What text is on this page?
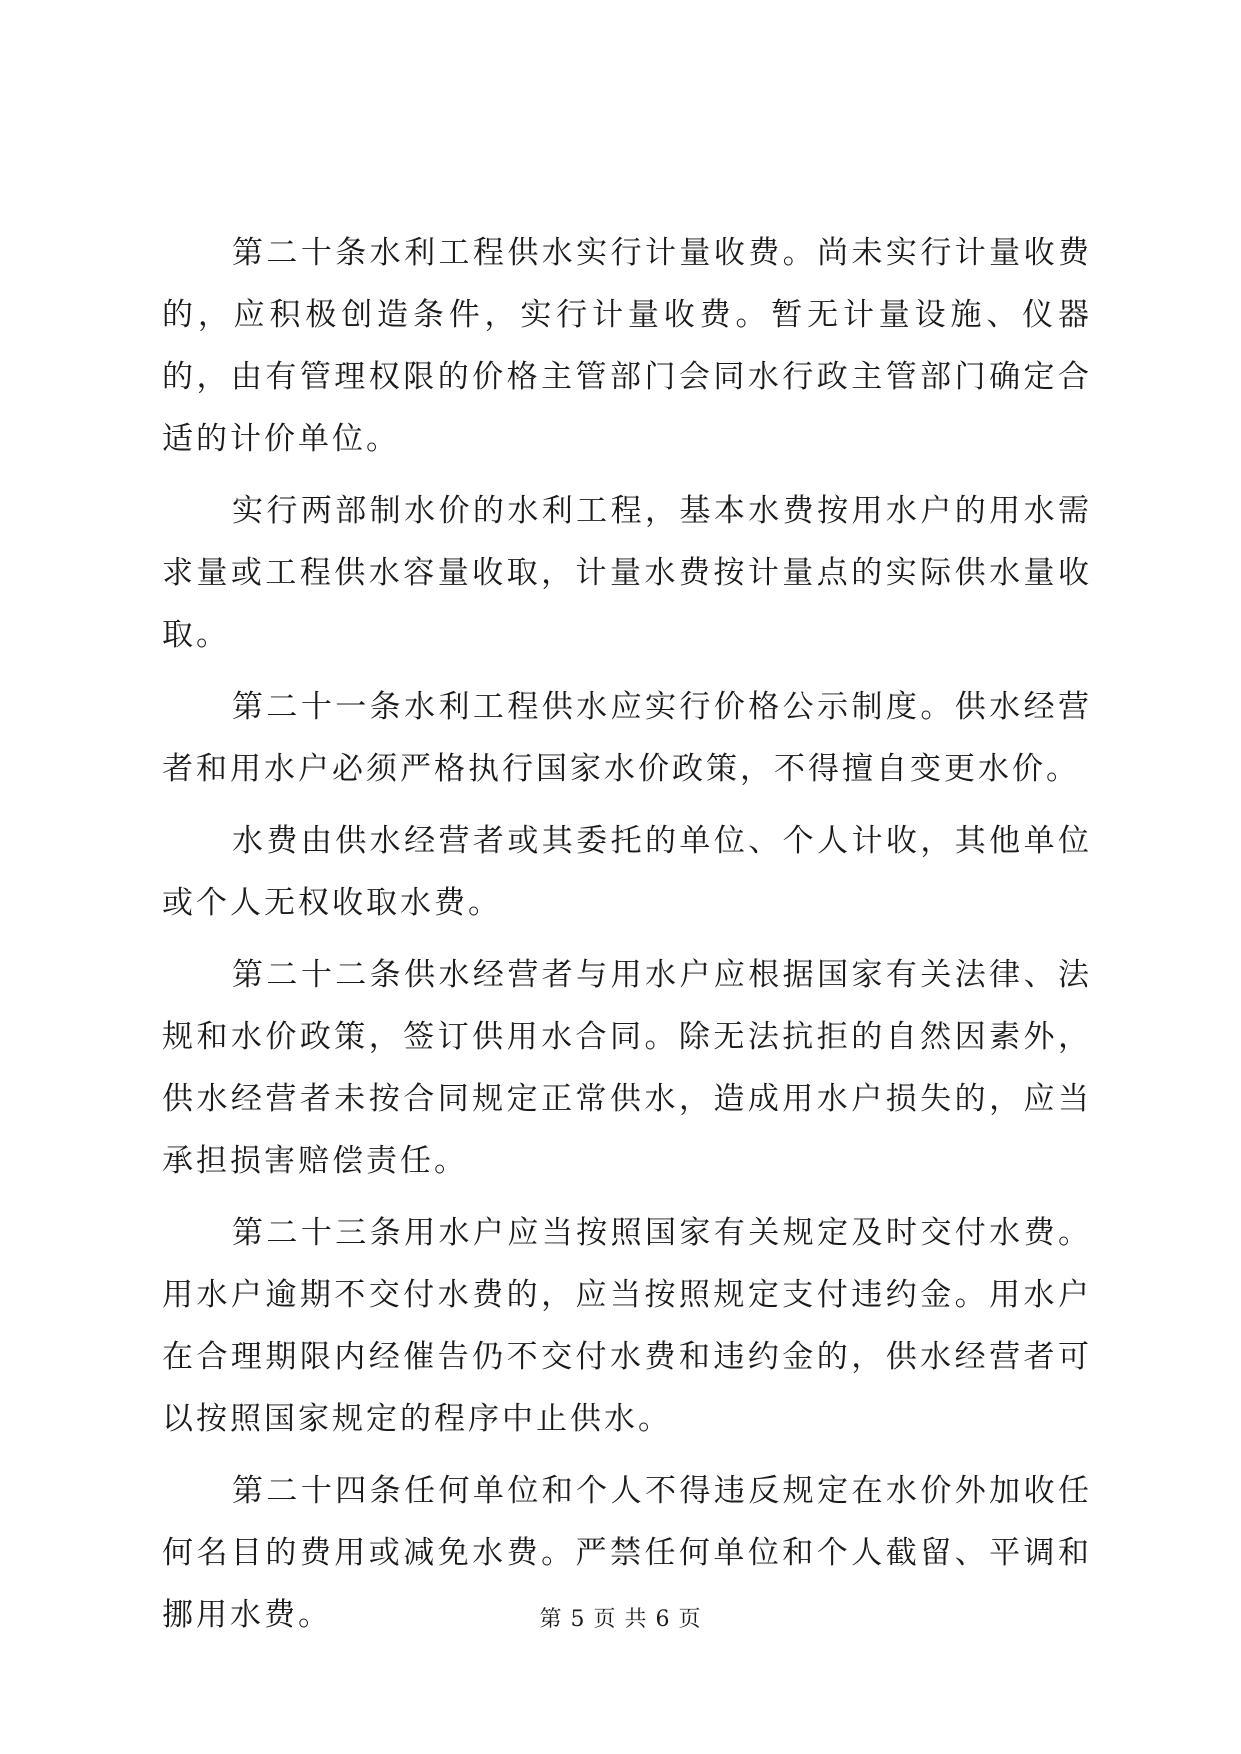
第二十条水利工程供水实行计量收费。尚未实行计量收费的，应积极创造条件，实行计量收费。暂无计量设施、仪器的，由有管理权限的价格主管部门会同水行政主管部门确定合适的计价单位。

实行两部制水价的水利工程，基本水费按用水户的用水需求量或工程供水容量收取，计量水费按计量点的实际供水量收取。

第二十一条水利工程供水应实行价格公示制度。供水经营者和用水户必须严格执行国家水价政策，不得擅自变更水价。

水费由供水经营者或其委托的单位、个人计收，其他单位或个人无权收取水费。

第二十二条供水经营者与用水户应根据国家有关法律、法规和水价政策，签订供用水合同。除无法抗拒的自然因素外，供水经营者未按合同规定正常供水，造成用水户损失的，应当承担损害赔偿责任。

第二十三条用水户应当按照国家有关规定及时交付水费。用水户逾期不交付水费的，应当按照规定支付违约金。用水户在合理期限内经催告仍不交付水费和违约金的，供水经营者可以按照国家规定的程序中止供水。

第二十四条任何单位和个人不得违反规定在水价外加收任何名目的费用或减免水费。严禁任何单位和个人截留、平调和挪用水费。	第 5 页 共 6 页
